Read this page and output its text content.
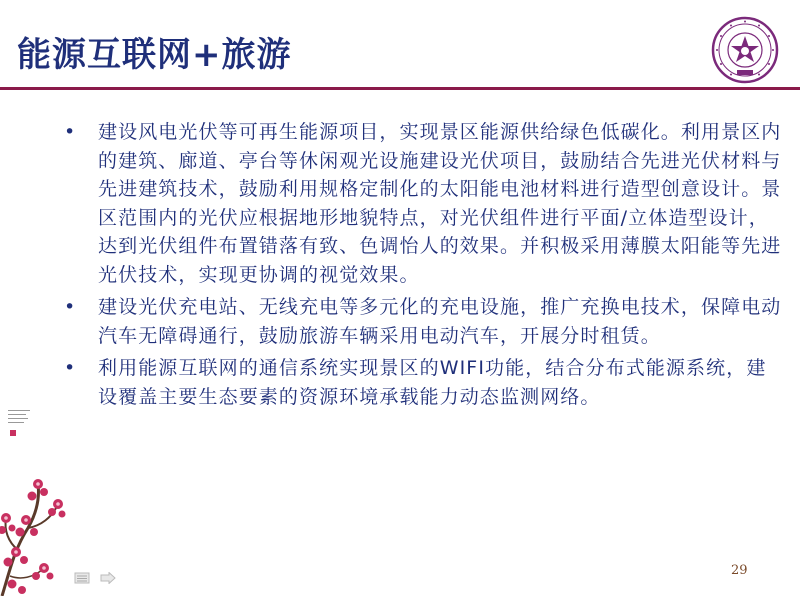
能源互联网+旅游
• 建设风电光伏等可再生能源项目，实现景区能源供给绿色低碳化。利用景区内的建筑、廊道、亭台等休闲观光设施建设光伏项目，鼓励结合先进光伏材料与先进建筑技术，鼓励利用规格定制化的太阳能电池材料进行造型创意设计。景区范围内的光伏应根据地形地貌特点，对光伏组件进行平面/立体造型设计，达到光伏组件布置错落有致、色调怡人的效果。并积极采用薄膜太阳能等先进光伏技术，实现更协调的视觉效果。
• 建设光伏充电站、无线充电等多元化的充电设施，推广充换电技术，保障电动汽车无障碍通行，鼓励旅游车辆采用电动汽车，开展分时租赁。
• 利用能源互联网的通信系统实现景区的WIFI功能，结合分布式能源系统，建设覆盖主要生态要素的资源环境承载能力动态监测网络。
29
